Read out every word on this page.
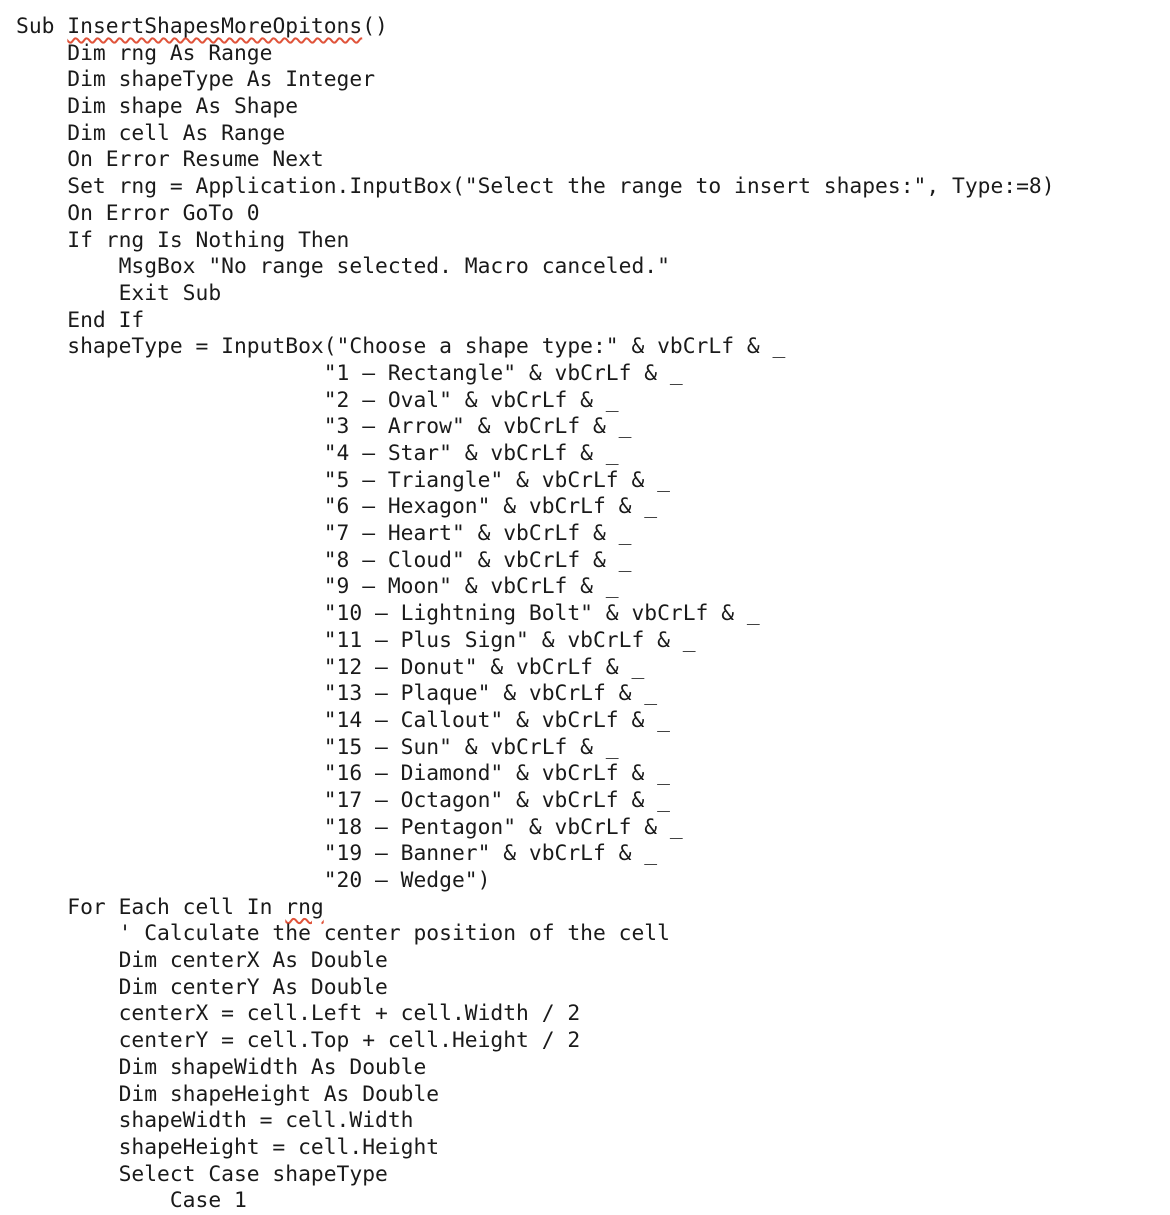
Sub InsertShapesMoreOpitons()
Dim rng As Range
Dim shapeType As Integer
Dim shape As Shape
Dim cell As Range
On Error Resume Next
Set rng = Application.InputBox("Select the range to insert shapes:", Type:=8)
On Error GoTo 0
If rng Is Nothing Then
MsgBox "No range selected. Macro canceled."
Exit Sub
End If
shapeType = InputBox("Choose a shape type:" & vbCrLf & _
"1 – Rectangle" & vbCrLf & _
"2 – Oval" & vbCrLf & _
"3 – Arrow" & vbCrLf & _
"4 – Star" & vbCrLf & _
"5 – Triangle" & vbCrLf & _
"6 – Hexagon" & vbCrLf & _
"7 – Heart" & vbCrLf & _
"8 – Cloud" & vbCrLf & _
"9 – Moon" & vbCrLf & _
"10 – Lightning Bolt" & vbCrLf & _
"11 – Plus Sign" & vbCrLf & _
"12 – Donut" & vbCrLf & _
"13 – Plaque" & vbCrLf & _
"14 – Callout" & vbCrLf & _
"15 – Sun" & vbCrLf & _
"16 – Diamond" & vbCrLf & _
"17 – Octagon" & vbCrLf & _
"18 – Pentagon" & vbCrLf & _
"19 – Banner" & vbCrLf & _
"20 – Wedge")
For Each cell In rng
' Calculate the center position of the cell
Dim centerX As Double
Dim centerY As Double
centerX = cell.Left + cell.Width / 2
centerY = cell.Top + cell.Height / 2
Dim shapeWidth As Double
Dim shapeHeight As Double
shapeWidth = cell.Width
shapeHeight = cell.Height
Select Case shapeType
Case 1
